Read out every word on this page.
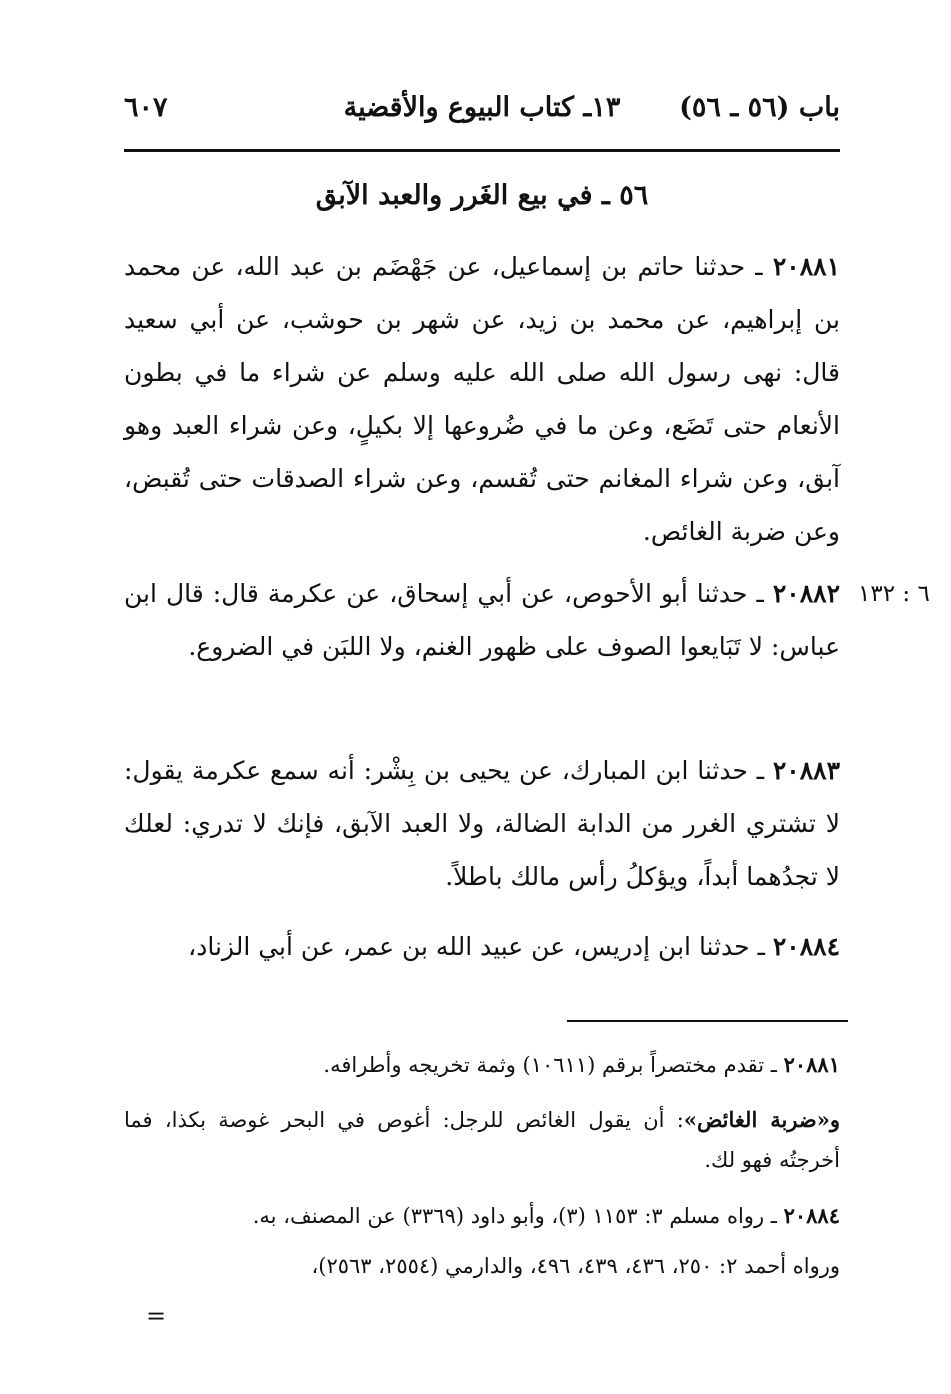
باب (٥٦ ـ ٥٦)
١٣ـ كتاب البيوع والأقضية
٦٠٧
٥٦ ـ في بيع الغَرر والعبد الآبق
٦ : ١٣٢

٢٠٨٨١ ـ حدثنا حاتم بن إسماعيل، عن جَهْضَم بن عبد الله، عن محمد بن إبراهيم، عن محمد بن زيد، عن شهر بن حوشب، عن أبي سعيد قال: نهى رسول الله صلى الله عليه وسلم عن شراء ما في بطون الأنعام حتى تَضَع، وعن ما في ضُروعها إلا بكيلٍ، وعن شراء العبد وهو آبق، وعن شراء المغانم حتى تُقسم، وعن شراء الصدقات حتى تُقبض، وعن ضربة الغائص.

٢٠٨٨٢ ـ حدثنا أبو الأحوص، عن أبي إسحاق، عن عكرمة قال: قال ابن عباس: لا تَبَايعوا الصوف على ظهور الغنم، ولا اللبَن في الضروع.

٢٠٨٨٣ ـ حدثنا ابن المبارك، عن يحيى بن بِشْر: أنه سمع عكرمة يقول: لا تشتري الغرر من الدابة الضالة، ولا العبد الآبق، فإنك لا تدري: لعلك لا تجدُهما أبداً، ويؤكلُ رأس مالك باطلاً.

٢٠٨٨٤ ـ حدثنا ابن إدريس، عن عبيد الله بن عمر، عن أبي الزناد،

٢٠٨٨١ ـ تقدم مختصراً برقم (١٠٦١١) وثمة تخريجه وأطرافه.

و«ضربة الغائض»: أن يقول الغائص للرجل: أغوص في البحر غوصة بكذا، فما أخرجتُه فهو لك.

٢٠٨٨٤ ـ رواه مسلم ٣: ١١٥٣ (٣)، وأبو داود (٣٣٦٩) عن المصنف، به.

ورواه أحمد ٢: ٢٥٠، ٤٣٦، ٤٣٩، ٤٩٦، والدارمي (٢٥٥٤، ٢٥٦٣)،

=
